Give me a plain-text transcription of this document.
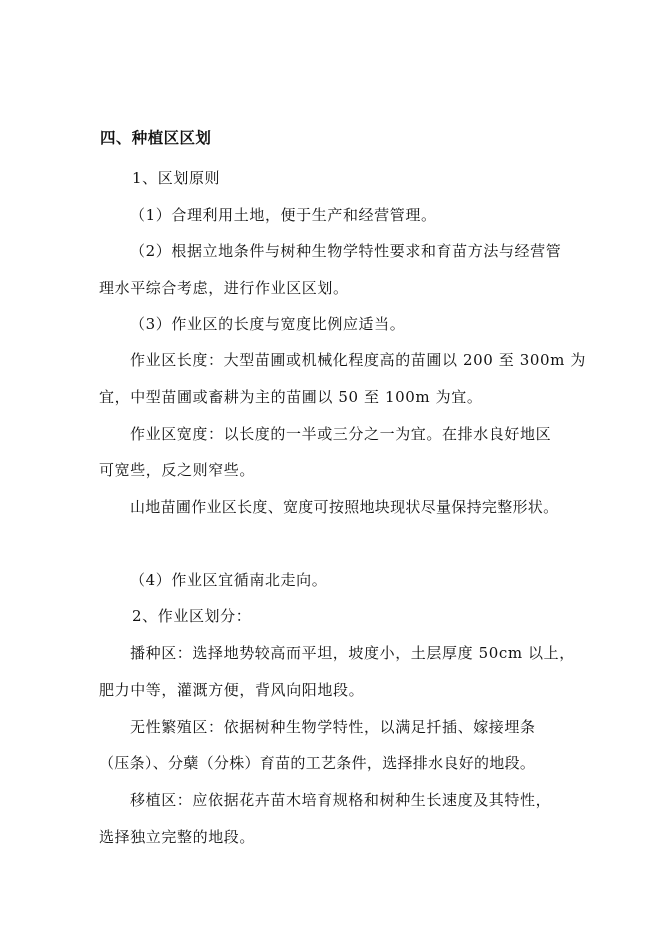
四、种植区区划
1、区划原则
（1）合理利用土地，便于生产和经营管理。
（2）根据立地条件与树种生物学特性要求和育苗方法与经营管
理水平综合考虑，进行作业区区划。
（3）作业区的长度与宽度比例应适当。
作业区长度：大型苗圃或机械化程度高的苗圃以 200 至 300m 为
宜，中型苗圃或畜耕为主的苗圃以 50 至 100m 为宜。
作业区宽度：以长度的一半或三分之一为宜。在排水良好地区
可宽些，反之则窄些。
山地苗圃作业区长度、宽度可按照地块现状尽量保持完整形状。
（4）作业区宜循南北走向。
2、作业区划分：
播种区：选择地势较高而平坦，坡度小，土层厚度 50cm 以上，
肥力中等，灌溉方便，背风向阳地段。
无性繁殖区：依据树种生物学特性，以满足扦插、嫁接埋条
（压条）、分蘖（分株）育苗的工艺条件，选择排水良好的地段。
移植区：应依据花卉苗木培育规格和树种生长速度及其特性，
选择独立完整的地段。
